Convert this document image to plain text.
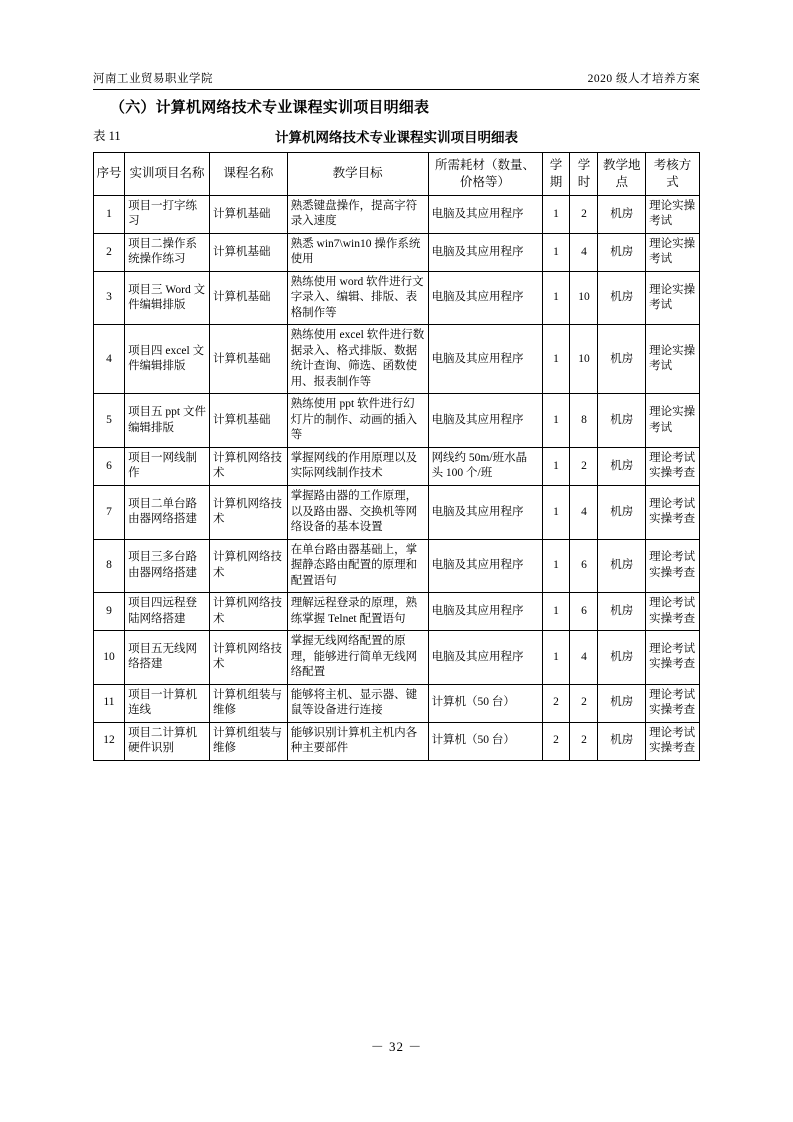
河南工业贸易职业学院	2020 级人才培养方案
（六）计算机网络技术专业课程实训项目明细表
计算机网络技术专业课程实训项目明细表
表 11
序号	实训项目名称	课程名称	教学目标	所需耗材（数量、价格等）	学期	学时	教学地点	考核方式
1	项目一打字练习	计算机基础	熟悉键盘操作，提高字符录入速度	电脑及其应用程序	1	2	机房	理论实操考试
2	项目二操作系统操作练习	计算机基础	熟悉 win7\win10 操作系统使用	电脑及其应用程序	1	4	机房	理论实操考试
3	项目三 Word 文件编辑排版	计算机基础	熟练使用 word 软件进行文字录入、编辑、排版、表格制作等	电脑及其应用程序	1	10	机房	理论实操考试
4	项目四 excel 文件编辑排版	计算机基础	熟练使用 excel 软件进行数据录入、格式排版、数据统计查询、筛选、函数使用、报表制作等	电脑及其应用程序	1	10	机房	理论实操考试
5	项目五 ppt 文件编辑排版	计算机基础	熟练使用 ppt 软件进行幻灯片的制作、动画的插入等	电脑及其应用程序	1	8	机房	理论实操考试
6	项目一网线制作	计算机网络技术	掌握网线的作用原理以及实际网线制作技术	网线约 50m/班水晶头 100 个/班	1	2	机房	理论考试实操考查
7	项目二单台路由器网络搭建	计算机网络技术	掌握路由器的工作原理，以及路由器、交换机等网络设备的基本设置	电脑及其应用程序	1	4	机房	理论考试实操考查
8	项目三多台路由器网络搭建	计算机网络技术	在单台路由器基础上，掌握静态路由配置的原理和配置语句	电脑及其应用程序	1	6	机房	理论考试实操考查
9	项目四远程登陆网络搭建	计算机网络技术	理解远程登录的原理，熟练掌握 Telnet 配置语句	电脑及其应用程序	1	6	机房	理论考试实操考查
10	项目五无线网络搭建	计算机网络技术	掌握无线网络配置的原理，能够进行简单无线网络配置	电脑及其应用程序	1	4	机房	理论考试实操考查
11	项目一计算机连线	计算机组装与维修	能够将主机、显示器、键鼠等设备进行连接	计算机（50 台）	2	2	机房	理论考试实操考查
12	项目二计算机硬件识别	计算机组装与维修	能够识别计算机主机内各种主要部件	计算机（50 台）	2	2	机房	理论考试实操考查
－ 32 －
